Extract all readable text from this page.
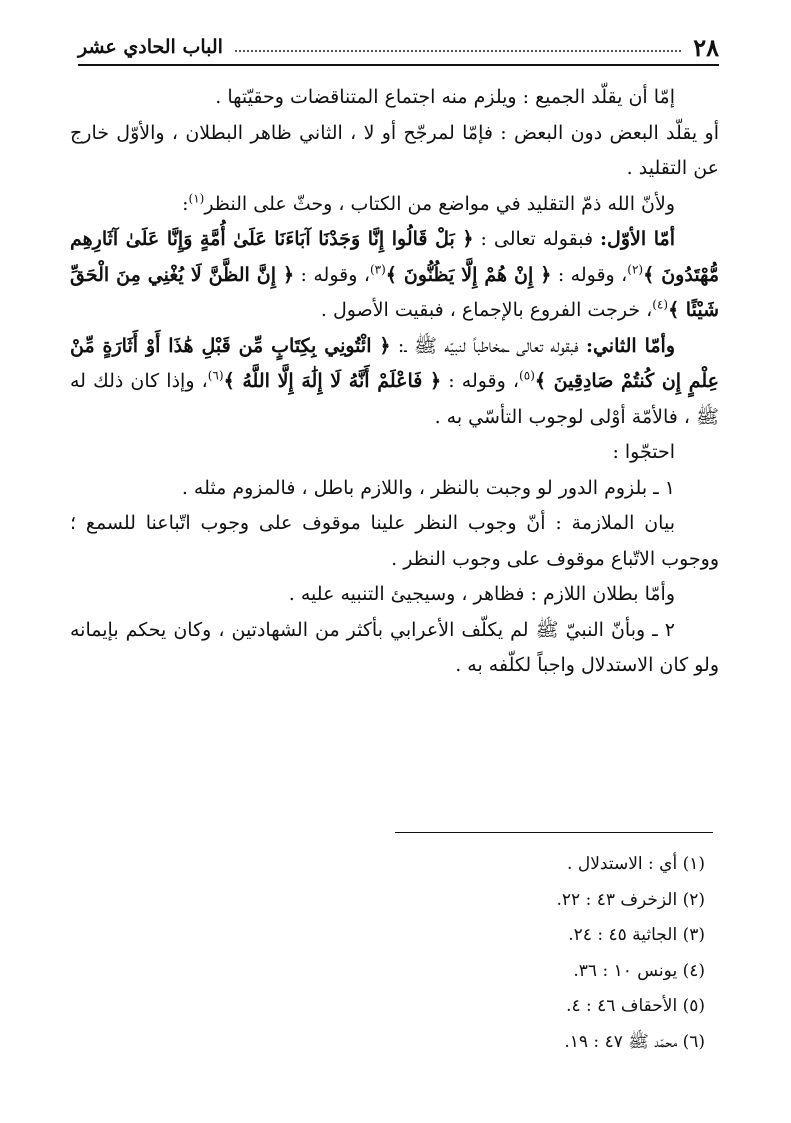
٢٨
الباب الحادي عشر

إمّا أن يقلّد الجميع : ويلزم منه اجتماع المتناقضات وحقيّتها .

أو يقلّد البعض دون البعض : فإمّا لمرجّح أو لا ، الثاني ظاهر البطلان ، والأوّل خارج عن التقليد .

ولأنّ الله ذمّ التقليد في مواضع من الكتاب ، وحثّ على النظر$^{(١)}$:

أمّا الأوّل: فبقوله تعالى : ﴿ بَلْ قَالُوا إِنَّا وَجَدْنَا آبَاءَنَا عَلَىٰ أُمَّةٍ وَإِنَّا عَلَىٰ آثَارِهِم مُّهْتَدُونَ ﴾$^{(٢)}$، وقوله : ﴿ إِنْ هُمْ إِلَّا يَظُنُّونَ ﴾$^{(٣)}$، وقوله : ﴿ إِنَّ الظَّنَّ لَا يُغْنِي مِنَ الْحَقِّ شَيْئًا ﴾$^{(٤)}$، خرجت الفروع بالإجماع ، فبقيت الأصول .

وأمّا الثاني: فبقوله تعالى ـمخاطباً لنبيّه ﷺ ـ: ﴿ ائْتُونِي بِكِتَابٍ مِّن قَبْلِ هَٰذَا أَوْ أَثَارَةٍ مِّنْ عِلْمٍ إِن كُنتُمْ صَادِقِينَ ﴾$^{(٥)}$، وقوله : ﴿ فَاعْلَمْ أَنَّهُ لَا إِلَٰهَ إِلَّا اللَّهُ ﴾$^{(٦)}$، وإذا كان ذلك له ﷺ ، فالأمّة أوْلى لوجوب التأسّي به .

احتجّوا :

١ ـ بلزوم الدور لو وجبت بالنظر ، واللازم باطل ، فالمزوم مثله .

بيان الملازمة : أنّ وجوب النظر علينا موقوف على وجوب اتّباعنا للسمع ؛ ووجوب الاتّباع موقوف على وجوب النظر .

وأمّا بطلان اللازم : فظاهر ، وسيجيئ التنبيه عليه .

٢ ـ وبأنّ النبيّ ﷺ لم يكلّف الأعرابي بأكثر من الشهادتين ، وكان يحكم بإيمانه ولو كان الاستدلال واجباً لكلّفه به .

(١) أي : الاستدلال .
(٢) الزخرف ٤٣ : ٢٢.
(٣) الجاثية ٤٥ : ٢٤.
(٤) يونس ١٠ : ٣٦.
(٥) الأحقاف ٤٦ : ٤.
(٦) محمّد ﷺ ٤٧ : ١٩.
